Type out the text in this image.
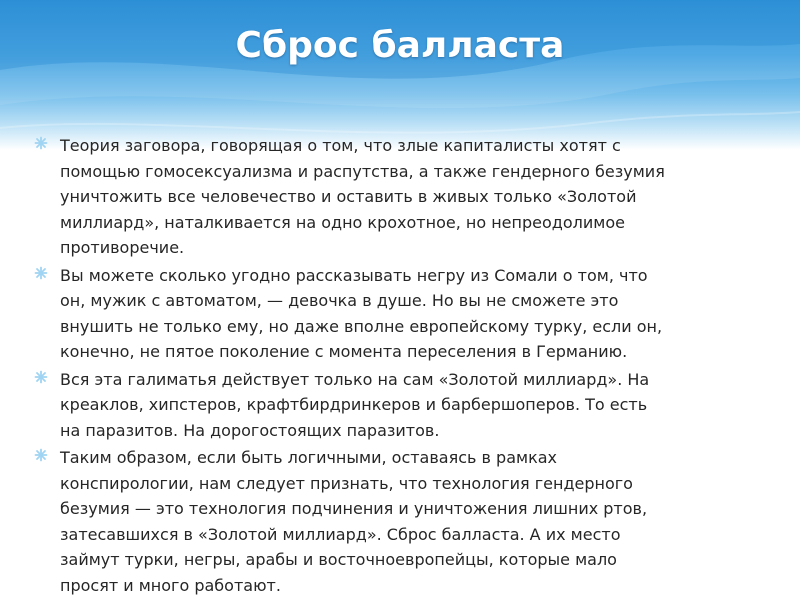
Сброс балласта
Теория заговора, говорящая о том, что злые капиталисты хотят с
помощью гомосексуализма и распутства, а также гендерного безумия
уничтожить все человечество и оставить в живых только «Золотой
миллиард», наталкивается на одно крохотное, но непреодолимое
противоречие.
Вы можете сколько угодно рассказывать негру из Сомали о том, что
он, мужик с автоматом, — девочка в душе. Но вы не сможете это
внушить не только ему, но даже вполне европейскому турку, если он,
конечно, не пятое поколение с момента переселения в Германию.
Вся эта галиматья действует только на сам «Золотой миллиард». На
креаклов, хипстеров, крафтбирдринкеров и барбершоперов. То есть
на паразитов. На дорогостоящих паразитов.
Таким образом, если быть логичными, оставаясь в рамках
конспирологии, нам следует признать, что технология гендерного
безумия — это технология подчинения и уничтожения лишних ртов,
затесавшихся в «Золотой миллиард». Сброс балласта. А их место
займут турки, негры, арабы и восточноевропейцы, которые мало
просят и много работают.
